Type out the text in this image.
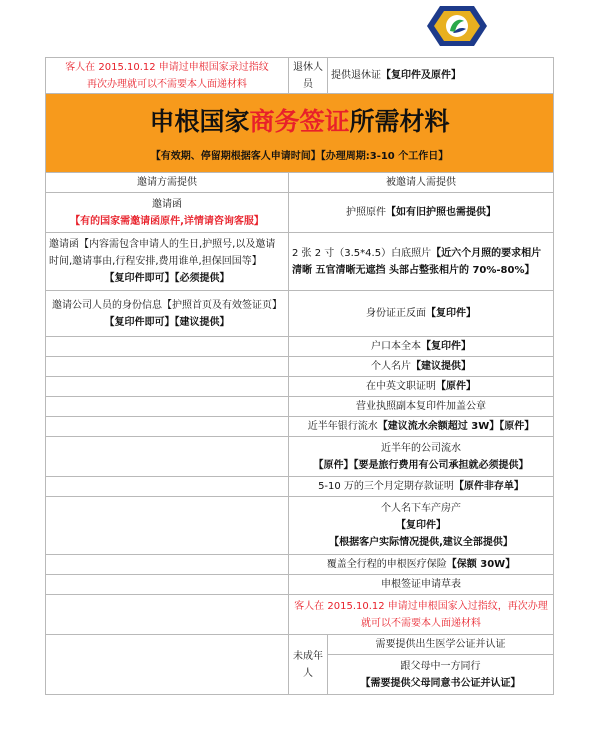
客人在 2015.10.12 申请过申根国家录过指纹
再次办理就可以不需要本人面递材料	退休人员	提供退休证【复印件及原件】

申根国家商务签证所需材料
【有效期、停留期根据客人申请时间】【办理周期:3-10 个工作日】		

邀请方需提供	被邀请人需提供	

邀请函
【有的国家需邀请函原件,详情请咨询客服】	护照原件【如有旧护照也需提供】	

邀请函【内容需包含申请人的生日,护照号,以及邀请时间,邀请事由,行程安排,费用谁单,担保回国等】
【复印件即可】【必须提供】	2 张 2 寸（3.5*4.5）白底照片【近六个月照的要求相片清晰 五官清晰无遮挡 头部占整张相片的 70%-80%】	

邀请公司人员的身份信息【护照首页及有效签证页】
【复印件即可】【建议提供】	身份证正反面【复印件】	
	户口本全本【复印件】	
	个人名片【建议提供】	
	在中英文职证明【原件】	
	营业执照副本复印件加盖公章	
	近半年银行流水【建议流水余额超过 3W】【原件】	

	近半年的公司流水
【原件】【要是旅行费用有公司承担就必须提供】	

	5-10 万的三个月定期存款证明【原件非存单】	

	个人名下车产房产
【复印件】
【根据客户实际情况提供,建议全部提供】	

	覆盖全行程的申根医疗保险【保额 30W】	
	申根签证申请草表	
	客人在 2015.10.12 申请过申根国家入过指纹，再次办理就可以不需要本人面递材料	
	未成年人	需要提供出生医学公证并认证

		跟父母中一方同行
【需要提供父母同意书公证并认证】
